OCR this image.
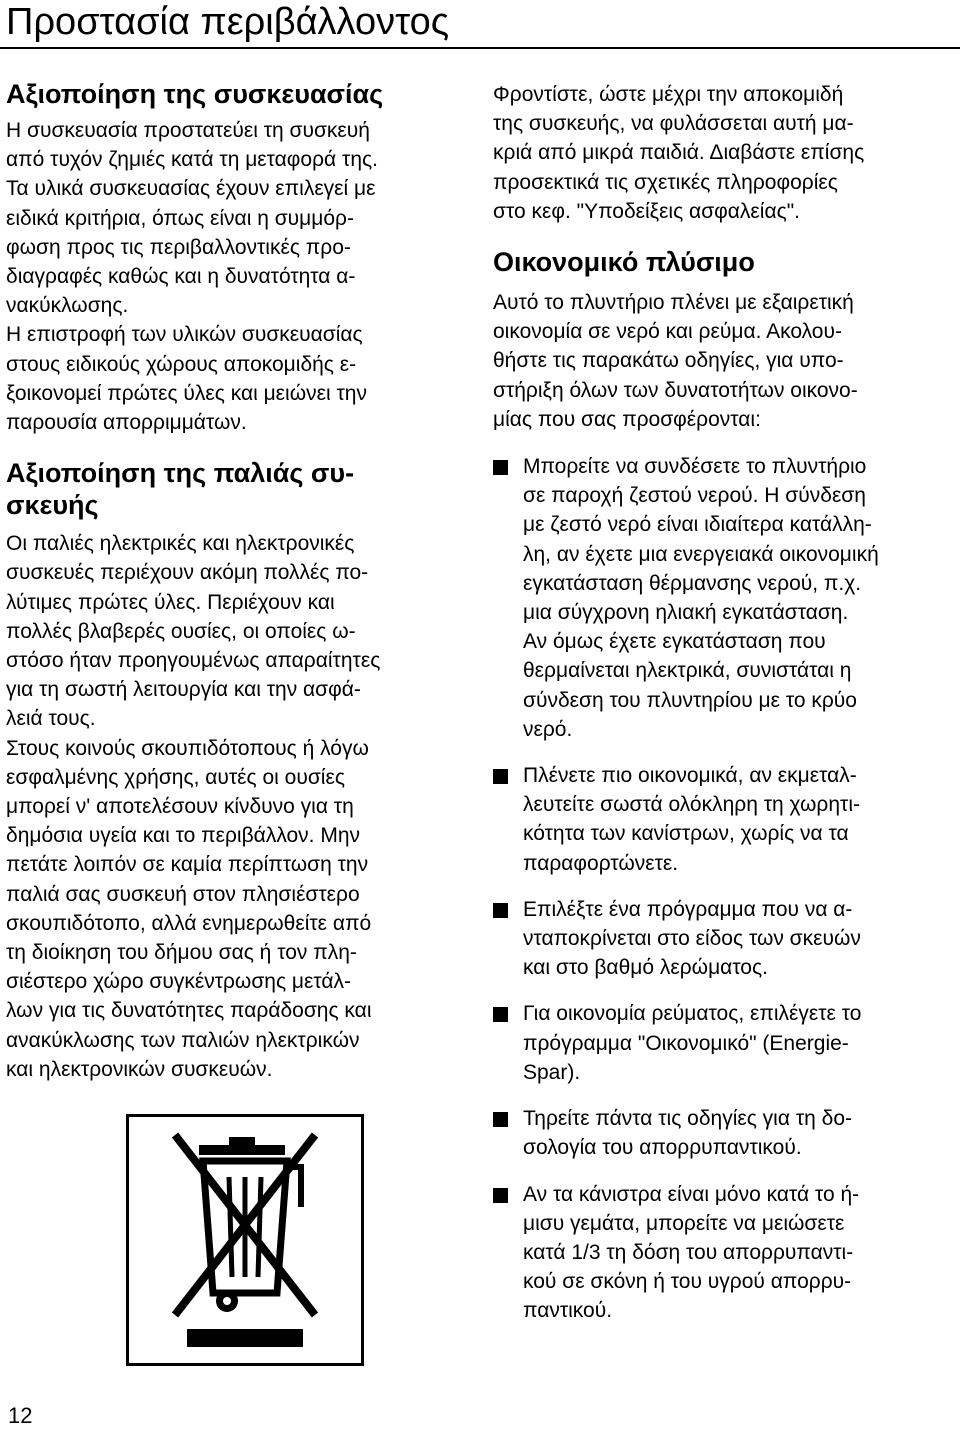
Προστασία περιβάλλοντος
Αξιοποίηση της συσκευασίας

Η συσκευασία προστατεύει τη συσκευή

από τυχόν ζημιές κατά τη μεταφορά της.

Τα υλικά συσκευασίας έχουν επιλεγεί με

ειδικά κριτήρια, όπως είναι η συμμόρ-

φωση προς τις περιβαλλοντικές προ-

διαγραφές καθώς και η δυνατότητα α-

νακύκλωσης.

Η επιστροφή των υλικών συσκευασίας

στους ειδικούς χώρους αποκομιδής ε-

ξοικονομεί πρώτες ύλες και μειώνει την

παρουσία απορριμμάτων.

Αξιοποίηση της παλιάς συ-
σκευής

Οι παλιές ηλεκτρικές και ηλεκτρονικές

συσκευές περιέχουν ακόμη πολλές πο-

λύτιμες πρώτες ύλες. Περιέχουν και

πολλές βλαβερές ουσίες, οι οποίες ω-

στόσο ήταν προηγουμένως απαραίτητες

για τη σωστή λειτουργία και την ασφά-

λειά τους.

Στους κοινούς σκουπιδότοπους ή λόγω

εσφαλμένης χρήσης, αυτές οι ουσίες

μπορεί ν' αποτελέσουν κίνδυνο για τη

δημόσια υγεία και το περιβάλλον. Μην

πετάτε λοιπόν σε καμία περίπτωση την

παλιά σας συσκευή στον πλησιέστερο

σκουπιδότοπο, αλλά ενημερωθείτε από

τη διοίκηση του δήμου σας ή τον πλη-

σιέστερο χώρο συγκέντρωσης μετάλ-

λων για τις δυνατότητες παράδοσης και

ανακύκλωσης των παλιών ηλεκτρικών

και ηλεκτρονικών συσκευών.

Φροντίστε, ώστε μέχρι την αποκομιδή

της συσκευής, να φυλάσσεται αυτή μα-

κριά από μικρά παιδιά. Διαβάστε επίσης

προσεκτικά τις σχετικές πληροφορίες

στο κεφ. "Υποδείξεις ασφαλείας".

Οικονομικό πλύσιμο

Αυτό το πλυντήριο πλένει με εξαιρετική

οικονομία σε νερό και ρεύμα. Ακολου-

θήστε τις παρακάτω οδηγίες, για υπο-

στήριξη όλων των δυνατοτήτων οικονο-

μίας που σας προσφέρονται:

Μπορείτε να συνδέσετε το πλυντήριο

σε παροχή ζεστού νερού. Η σύνδεση

με ζεστό νερό είναι ιδιαίτερα κατάλλη-

λη, αν έχετε μια ενεργειακά οικονομική

εγκατάσταση θέρμανσης νερού, π.χ.

μια σύγχρονη ηλιακή εγκατάσταση.

Αν όμως έχετε εγκατάσταση που

θερμαίνεται ηλεκτρικά, συνιστάται η

σύνδεση του πλυντηρίου με το κρύο

νερό.

Πλένετε πιο οικονομικά, αν εκμεταλ-

λευτείτε σωστά ολόκληρη τη χωρητι-

κότητα των κανίστρων, χωρίς να τα

παραφορτώνετε.

Επιλέξτε ένα πρόγραμμα που να α-

νταποκρίνεται στο είδος των σκευών

και στο βαθμό λερώματος.

Για οικονομία ρεύματος, επιλέγετε το

πρόγραμμα "Οικονομικό" (Energie-

Spar).

Τηρείτε πάντα τις οδηγίες για τη δο-

σολογία του απορρυπαντικού.

Αν τα κάνιστρα είναι μόνο κατά το ή-

μισυ γεμάτα, μπορείτε να μειώσετε

κατά 1/3 τη δόση του απορρυπαντι-

κού σε σκόνη ή του υγρού απορρυ-

παντικού.

12
